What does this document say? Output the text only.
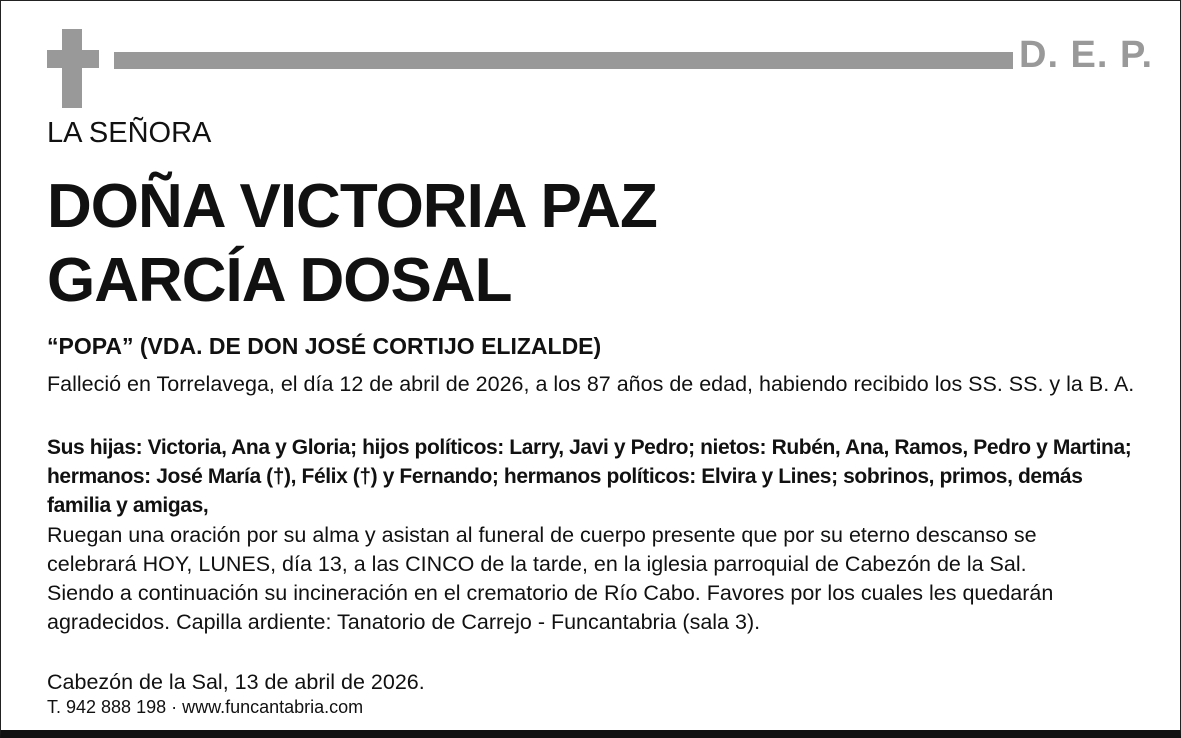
D. E. P.
LA SEÑORA
DOÑA VICTORIA PAZ
GARCÍA DOSAL
“POPA” (VDA. DE DON JOSÉ CORTIJO ELIZALDE)
Falleció en Torrelavega, el día 12 de abril de 2026, a los 87 años de edad, habiendo recibido los SS. SS. y la B. A.
Sus hijas: Victoria, Ana y Gloria; hijos políticos: Larry, Javi y Pedro; nietos: Rubén, Ana, Ramos, Pedro y Martina; hermanos: José María (†), Félix (†) y Fernando; hermanos políticos: Elvira y Lines; sobrinos, primos, demás familia y amigas,
Ruegan una oración por su alma y asistan al funeral de cuerpo presente que por su eterno descanso se celebrará HOY, LUNES, día 13, a las CINCO de la tarde, en la iglesia parroquial de Cabezón de la Sal. Siendo a continuación su incineración en el crematorio de Río Cabo. Favores por los cuales les quedarán agradecidos. Capilla ardiente: Tanatorio de Carrejo - Funcantabria (sala 3).
Cabezón de la Sal, 13 de abril de 2026.
T. 942 888 198 · www.funcantabria.com
